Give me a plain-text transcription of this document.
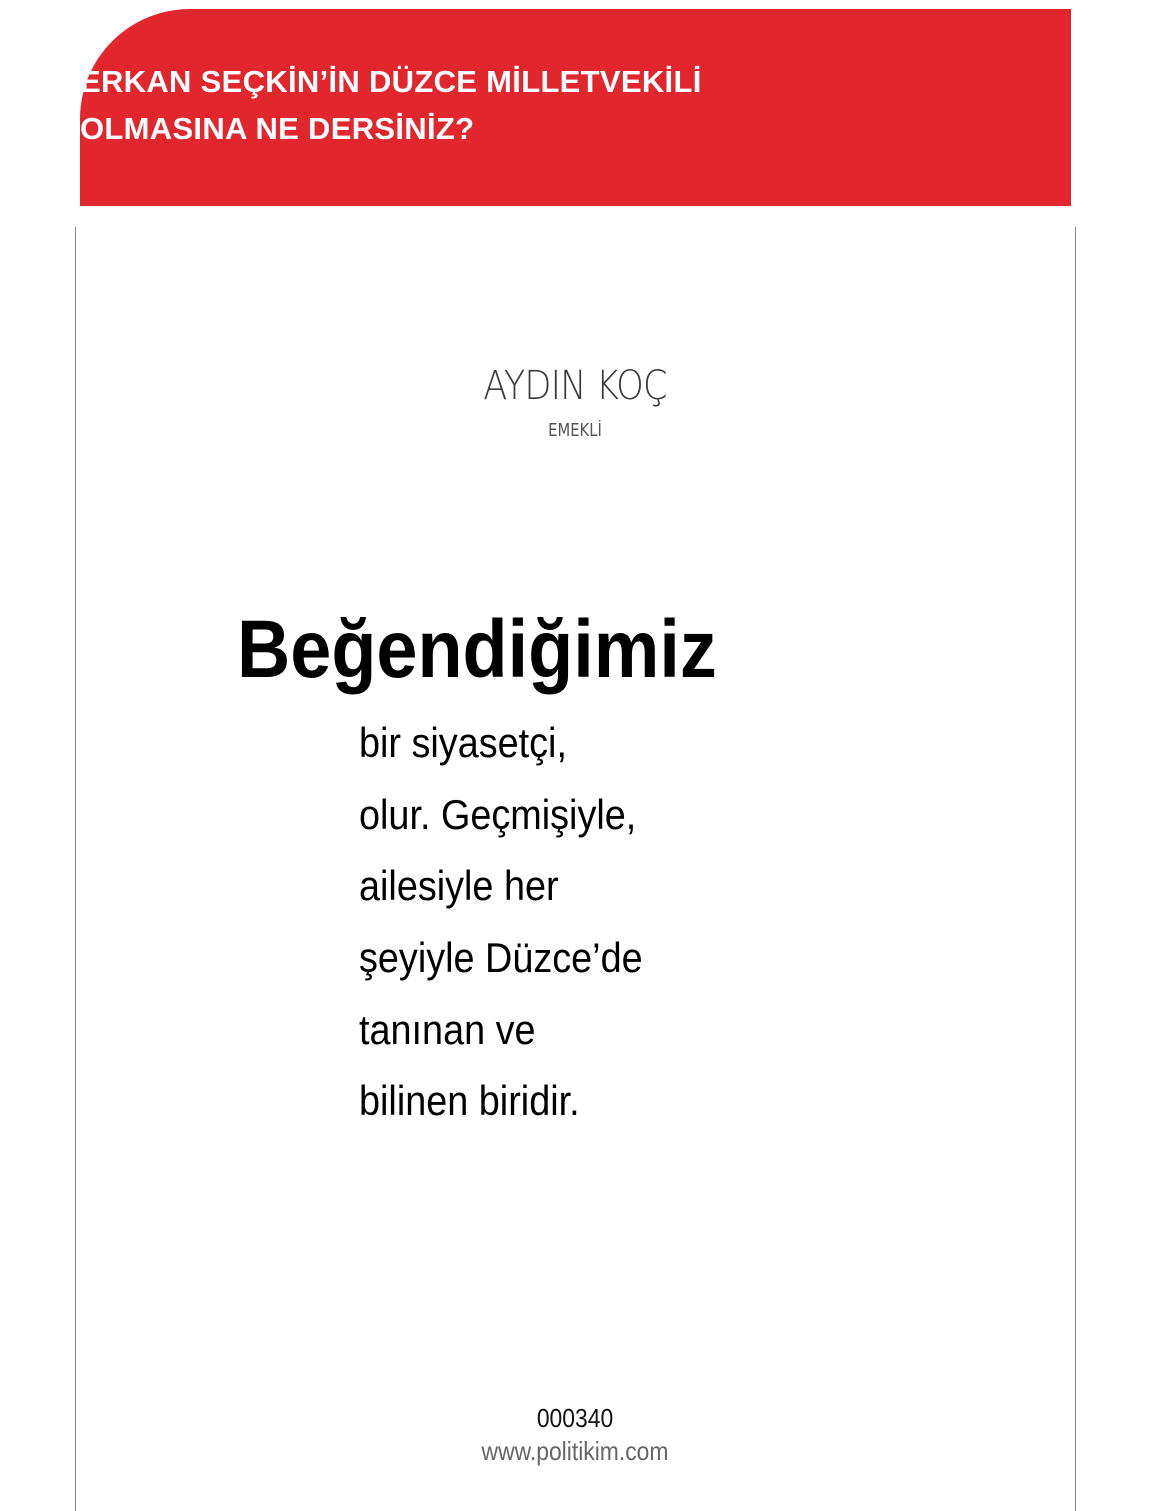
ERKAN SEÇKİN’İN DÜZCE MİLLETVEKİLİ
OLMASINA NE DERSİNİZ?
AYDIN KOÇ
EMEKLİ

Beğendiğimiz

bir siyasetçi,

olur. Geçmişiyle,

ailesiyle her

şeyiyle Düzce’de

tanınan ve

bilinen biridir.

000340
www.politikim.com
